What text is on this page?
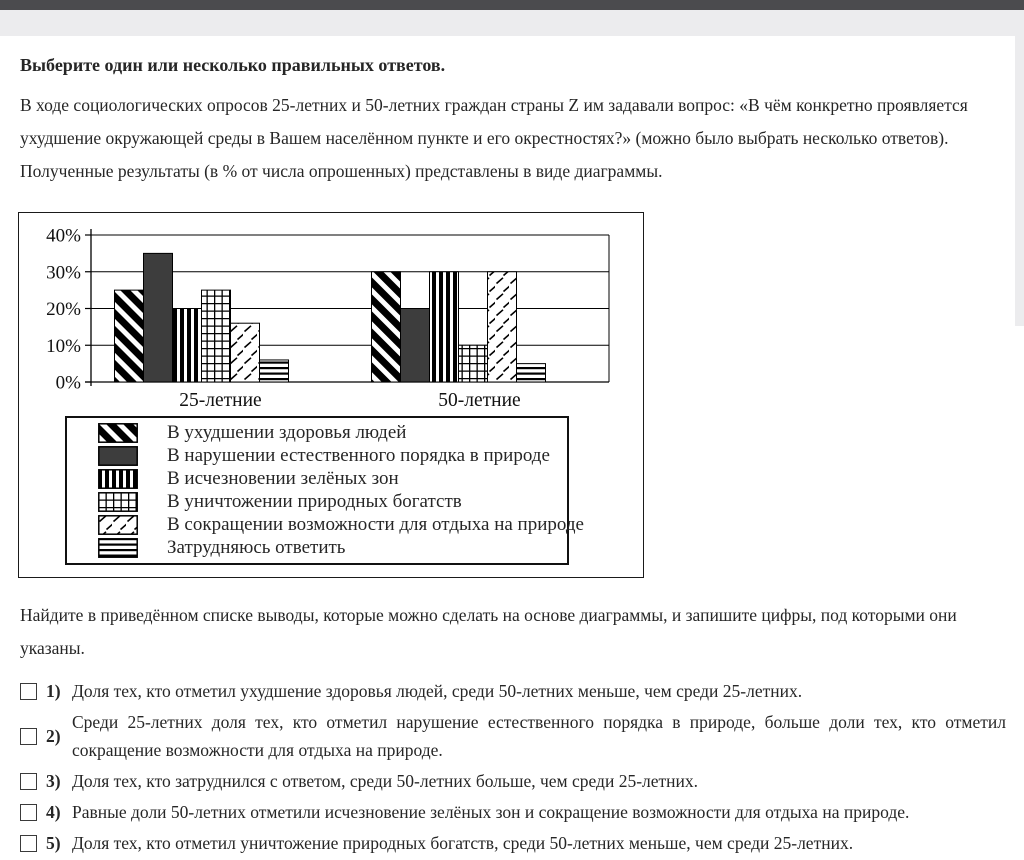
Выберите один или несколько правильных ответов.

В ходе социологических опросов 25-летних и 50-летних граждан страны Z им задавали вопрос: «В чём конкретно проявляется ухудшение окружающей среды в Вашем населённом пункте и его окрестностях?» (можно было выбрать несколько ответов). Полученные результаты (в % от числа опрошенных) представлены в виде диаграммы.

0%
10%
20%
30%
40%
25-летние	50-летние
В ухудшении здоровья людей
В нарушении естественного порядка в природе
В исчезновении зелёных зон
В уничтожении природных богатств
В сокращении возможности для отдыха на природе
Затрудняюсь ответить

Найдите в приведённом списке выводы, которые можно сделать на основе диаграммы, и запишите цифры, под которыми они указаны.

1) Доля тех, кто отметил ухудшение здоровья людей, среди 50-летних меньше, чем среди 25-летних.
2)
Среди 25-летних доля тех, кто отметил нарушение естественного порядка в природе, больше доли тех, кто отметил сокращение возможности для отдыха на природе.
3) Доля тех, кто затруднился с ответом, среди 50-летних больше, чем среди 25-летних.
4) Равные доли 50-летних отметили исчезновение зелёных зон и сокращение возможности для отдыха на природе.
5) Доля тех, кто отметил уничтожение природных богатств, среди 50-летних меньше, чем среди 25-летних.
